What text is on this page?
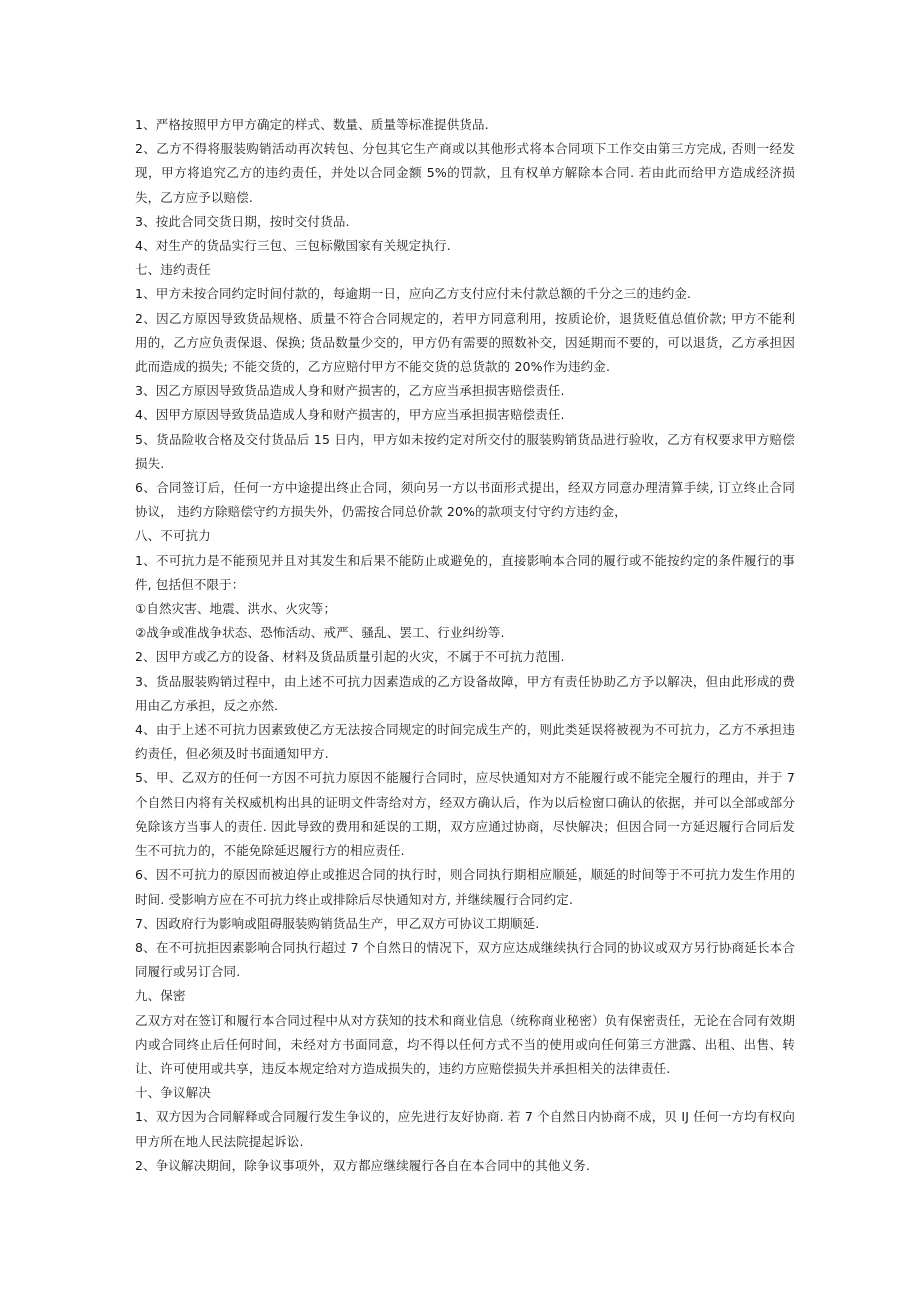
1、严格按照甲方甲方确定的样式、数量、质量等标准提供货品.

2、乙方不得将服装购销活动再次转包、分包其它生产商或以其他形式将本合同项下工作交由第三方完成, 否则一经发现，甲方将追究乙方的违约责任，并处以合同金额 5%的罚款，且有权单方解除本合同. 若由此而给甲方造成经济损失，乙方应予以赔偿.

3、按此合同交货日期，按时交付货品.

4、对生产的货品实行三包、三包标儆国家有关规定执行.

七、违约责任

1、甲方未按合同约定时间付款的，每逾期一日，应向乙方支付应付未付款总额的千分之三的违约金.

2、因乙方原因导致货品规格、质量不符合合同规定的，若甲方同意利用，按质论价，退货贬值总值价款; 甲方不能利用的，乙方应负责保退、保换; 货品数量少交的，甲方仍有需要的照数补交，因延期而不要的，可以退货，乙方承担因此而造成的损失; 不能交货的，乙方应赔付甲方不能交货的总货款的 20%作为违约金.

3、因乙方原因导致货品造成人身和财产损害的，乙方应当承担损害赔偿责任.

4、因甲方原因导致货品造成人身和财产损害的，甲方应当承担损害赔偿责任.

5、货品险收合格及交付货品后 15 日内，甲方如未按约定对所交付的服装购销货品进行验收，乙方有权要求甲方赔偿损失.

6、合同签订后，任何一方中途提出终止合同，须向另一方以书面形式提出，经双方同意办理清算手续, 订立终止合同协议， 违约方除赔偿守约方损失外，仍需按合同总价款 20%的款项支付守约方违约金，

八、不可抗力

1、不可抗力是不能预见并且对其发生和后果不能防止或避免的，直接影响本合同的履行或不能按约定的条件履行的事件, 包括但不限于：

①自然灾害、地震、洪水、火灾等；

②战争或准战争状态、恐怖活动、戒严、骚乱、罢工、行业纠纷等.

2、因甲方或乙方的设备、材料及货品质量引起的火灾，不属于不可抗力范围.

3、货品服装购销过程中，由上述不可抗力因素造成的乙方设备故障，甲方有责任协助乙方予以解决，但由此形成的费用由乙方承担，反之亦然.

4、由于上述不可抗力因素致使乙方无法按合同规定的时间完成生产的，则此类延误将被视为不可抗力，乙方不承担违约责任，但必须及时书面通知甲方.

5、甲、乙双方的任何一方因不可抗力原因不能履行合同时，应尽快通知对方不能履行或不能完全履行的理由，并于 7 个自然日内将有关权威机构出具的证明文件寄给对方，经双方确认后，作为以后检窗口确认的依据，并可以全部或部分免除该方当事人的责任. 因此导致的费用和延误的工期，双方应通过协商，尽快解决；但因合同一方延迟履行合同后发生不可抗力的，不能免除延迟履行方的相应责任.

6、因不可抗力的原因而被迫停止或推迟合同的执行时，则合同执行期相应顺延，顺延的时间等于不可抗力发生作用的时间. 受影响方应在不可抗力终止或排除后尽快通知对方, 并继续履行合同约定.

7、因政府行为影响或阻碍服装购销货品生产，甲乙双方可协议工期顺延.

8、在不可抗拒因素影响合同执行超过 7 个自然日的情况下，双方应达成继续执行合同的协议或双方另行协商延长本合同履行或另订合同.

九、保密

乙双方对在签订和履行本合同过程中从对方获知的技术和商业信息（统称商业秘密）负有保密责任，无论在合同有效期内或合同终止后任何时间，未经对方书面同意，均不得以任何方式不当的使用或向任何第三方泄露、出租、出售、转让、许可使用或共享，违反本规定给对方造成损失的，违约方应赔偿损失并承担相关的法律责任.

十、争议解决

1、双方因为合同解释或合同履行发生争议的，应先进行友好协商. 若 7 个自然日内协商不成，贝 IJ 任何一方均有权向甲方所在地人民法院提起诉讼.

2、争议解决期间，除争议事项外，双方都应继续履行各自在本合同中的其他义务.
